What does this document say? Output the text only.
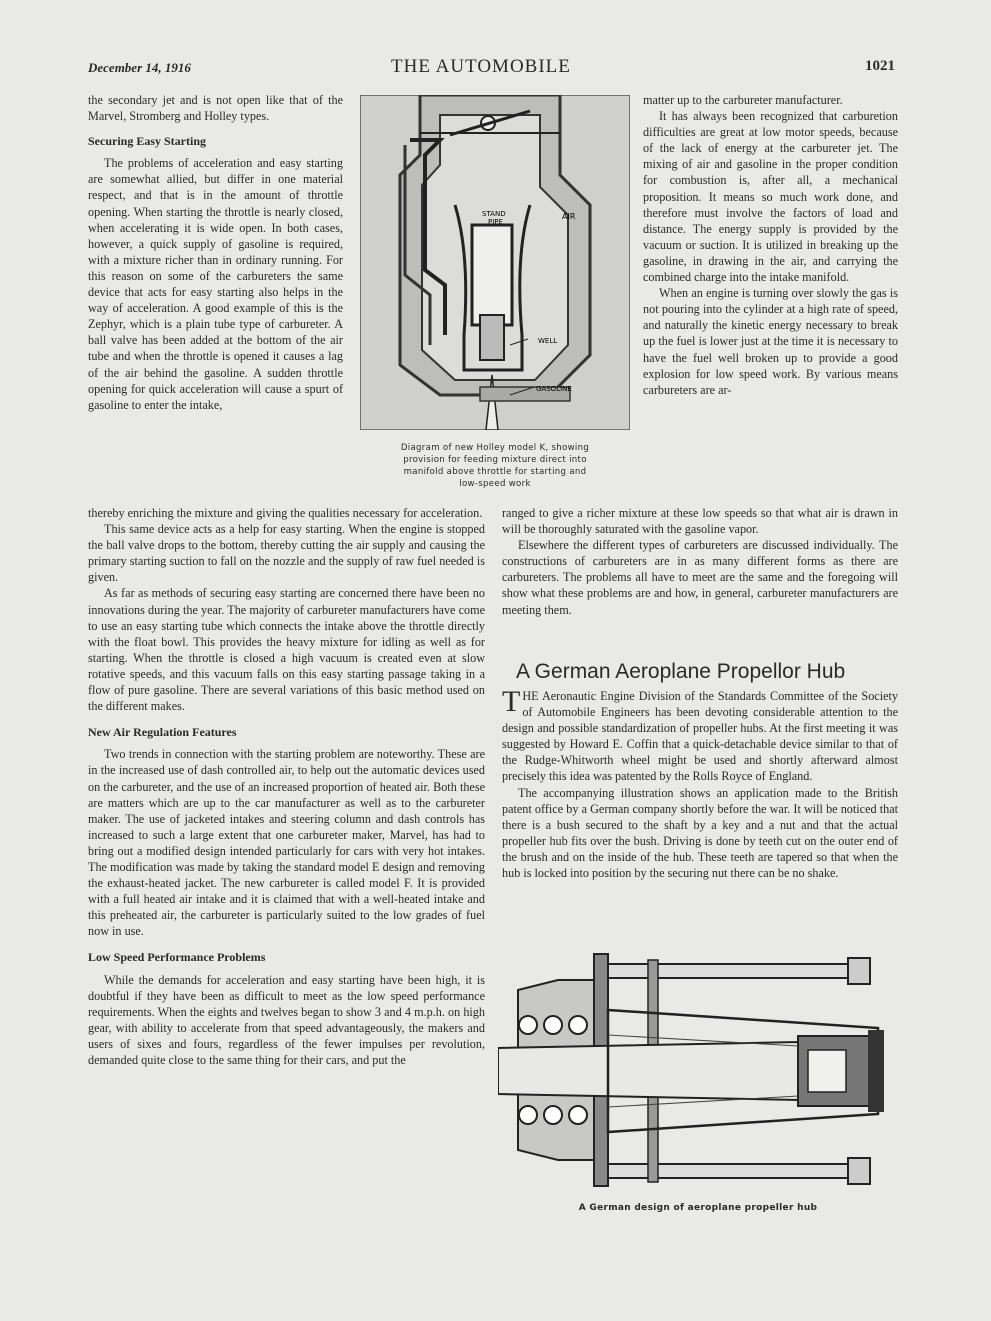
December 14, 1916	THE AUTOMOBILE	1021

the secondary jet and is not open like that of the Marvel, Stromberg and Holley types.

Securing Easy Starting

The problems of acceleration and easy starting are somewhat allied, but differ in one material respect, and that is in the amount of throttle opening. When starting the throttle is nearly closed, when accelerating it is wide open. In both cases, however, a quick supply of gasoline is required, with a mixture richer than in ordinary running. For this reason on some of the carbureters the same device that acts for easy starting also helps in the way of acceleration. A good example of this is the Zephyr, which is a plain tube type of carbureter. A ball valve has been added at the bottom of the air tube and when the throttle is opened it causes a lag of the air behind the gasoline. A sudden throttle opening for quick acceleration will cause a spurt of gasoline to enter the intake,

STAND
PIPE
AIR
WELL
GASOLINE
Diagram of new Holley model K, showing
provision for feeding mixture direct into
manifold above throttle for starting and
low-speed work

matter up to the carbureter manufacturer.

It has always been recognized that carburetion difficulties are great at low motor speeds, because of the lack of energy at the carbureter jet. The mixing of air and gasoline in the proper condition for combustion is, after all, a mechanical proposition. It means so much work done, and therefore must involve the factors of load and distance. The energy supply is provided by the vacuum or suction. It is utilized in breaking up the gasoline, in drawing in the air, and carrying the combined charge into the intake manifold.

When an engine is turning over slowly the gas is not pouring into the cylinder at a high rate of speed, and naturally the kinetic energy necessary to break up the fuel is lower just at the time it is necessary to have the fuel well broken up to provide a good explosion for low speed work. By various means carbureters are ar-

thereby enriching the mixture and giving the qualities necessary for acceleration.

This same device acts as a help for easy starting. When the engine is stopped the ball valve drops to the bottom, thereby cutting the air supply and causing the primary starting suction to fall on the nozzle and the supply of raw fuel needed is given.

As far as methods of securing easy starting are concerned there have been no innovations during the year. The majority of carbureter manufacturers have come to use an easy starting tube which connects the intake above the throttle directly with the float bowl. This provides the heavy mixture for idling as well as for starting. When the throttle is closed a high vacuum is created even at slow rotative speeds, and this vacuum falls on this easy starting passage taking in a flow of pure gasoline. There are several variations of this basic method used on the different makes.

New Air Regulation Features

Two trends in connection with the starting problem are noteworthy. These are in the increased use of dash controlled air, to help out the automatic devices used on the carbureter, and the use of an increased proportion of heated air. Both these are matters which are up to the car manufacturer as well as to the carbureter maker. The use of jacketed intakes and steering column and dash controls has increased to such a large extent that one carbureter maker, Marvel, has had to bring out a modified design intended particularly for cars with very hot intakes. The modification was made by taking the standard model E design and removing the exhaust-heated jacket. The new carbureter is called model F. It is provided with a full heated air intake and it is claimed that with a well-heated intake and this preheated air, the carbureter is particularly suited to the low grades of fuel now in use.

Low Speed Performance Problems

While the demands for acceleration and easy starting have been high, it is doubtful if they have been as difficult to meet as the low speed performance requirements. When the eights and twelves began to show 3 and 4 m.p.h. on high gear, with ability to accelerate from that speed advantageously, the makers and users of sixes and fours, regardless of the fewer impulses per revolution, demanded quite close to the same thing for their cars, and put the

ranged to give a richer mixture at these low speeds so that what air is drawn in will be thoroughly saturated with the gasoline vapor.

Elsewhere the different types of carbureters are discussed individually. The constructions of carbureters are in as many different forms as there are carbureters. The problems all have to meet are the same and the foregoing will show what these problems are and how, in general, carbureter manufacturers are meeting them.

A German Aeroplane Propellor Hub

THE Aeronautic Engine Division of the Standards Committee of the Society of Automobile Engineers has been devoting considerable attention to the design and possible standardization of propeller hubs. At the first meeting it was suggested by Howard E. Coffin that a quick-detachable device similar to that of the Rudge-Whitworth wheel might be used and shortly afterward almost precisely this idea was patented by the Rolls Royce of England.

The accompanying illustration shows an application made to the British patent office by a German company shortly before the war. It will be noticed that there is a bush secured to the shaft by a key and a nut and that the actual propeller hub fits over the bush. Driving is done by teeth cut on the outer end of the brush and on the inside of the hub. These teeth are tapered so that when the hub is locked into position by the securing nut there can be no shake.

A German design of aeroplane propeller hub
